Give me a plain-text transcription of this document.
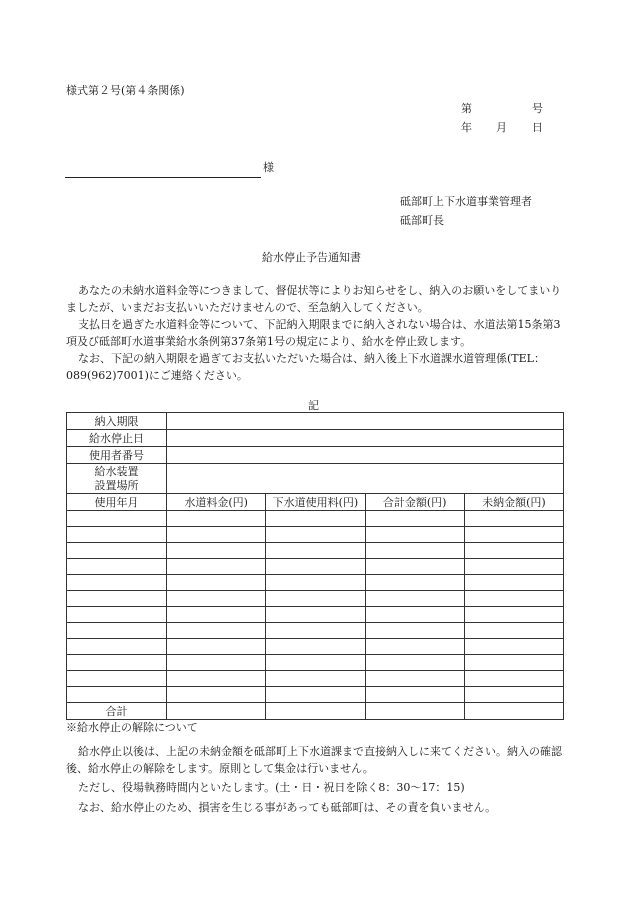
様式第２号(第４条関係)
第	号
年 月 日
様
砥部町上下水道事業管理者
砥部町長
給水停止予告通知書
あなたの未納水道料金等につきまして、督促状等によりお知らせをし、納入のお願いをしてまいりましたが、いまだお支払いいただけませんので、至急納入してください。
支払日を過ぎた水道料金等について、下記納入期限までに納入されない場合は、水道法第15条第3項及び砥部町水道事業給水条例第37条第1号の規定により、給水を停止致します。
なお、下記の納入期限を過ぎてお支払いただいた場合は、納入後上下水道課水道管理係(TEL：089(962)7001)にご連絡ください。
記
納入期限				
給水停止日				
使用者番号				
給水装置
設置場所				
使用年月	水道料金(円)	下水道使用料(円)	合計金額(円)	未納金額(円)

合計				
※給水停止の解除について
給水停止以後は、上記の未納金額を砥部町上下水道課まで直接納入しに来てください。納入の確認後、給水停止の解除をします。原則として集金は行いません。
ただし、役場執務時間内といたします。(土・日・祝日を除く8：30〜17：15)
なお、給水停止のため、損害を生じる事があっても砥部町は、その責を負いません。
